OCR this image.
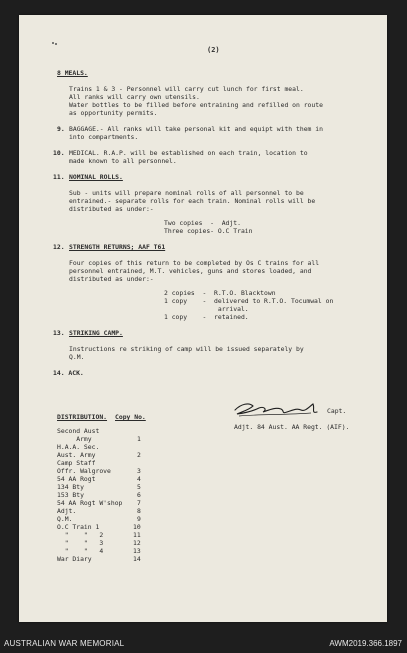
(2)
8 MEALS.
Trains 1 & 3 - Personnel will carry cut lunch for first meal.
All ranks will carry own utensils.
Water bottles to be filled before entraining and refilled on route
as opportunity permits.
9. BAGGAGE.- All ranks will take personal kit and equipt with them in
into compartments.
10. MEDICAL. R.A.P. will be established on each train, location to
made known to all personnel.
11. NOMINAL ROLLS.
Sub - units will prepare nominal rolls of all personnel to be
entrained.- separate rolls for each train. Nominal rolls will be
distributed as under:-
Two copies  -  Adjt.
Three copies- O.C Train
12. STRENGTH RETURNS; AAF T61
Four copies of this return to be completed by Os C trains for all
personnel entrained, M.T. vehicles, guns and stores loaded, and
distributed as under:-
2 copies  -  R.T.O. Blacktown
1 copy    -  delivered to R.T.O. Tocumwal on
arrival.
1 copy    -  retained.
13. STRIKING CAMP.
Instructions re striking of camp will be issued separately by
Q.M.
14. ACK.
Capt.
Adjt. 84 Aust. AA Regt. (AIF).
DISTRIBUTION. Copy No.
Second Aust
Army	1
H.A.A. Sec.
Aust. Army	2
Camp Staff
Offr. Walgrove	3
54 AA Rogt	4
134 Bty	5
153 Bty	6
54 AA Rogt W'shop 7
Adjt.	8
Q.M.	9
O.C Train 1	10
"    "   2	11
"    "   3	12
"    "   4	13
War Diary	14
AUSTRALIAN WAR MEMORIAL	AWM2019.366.1897
